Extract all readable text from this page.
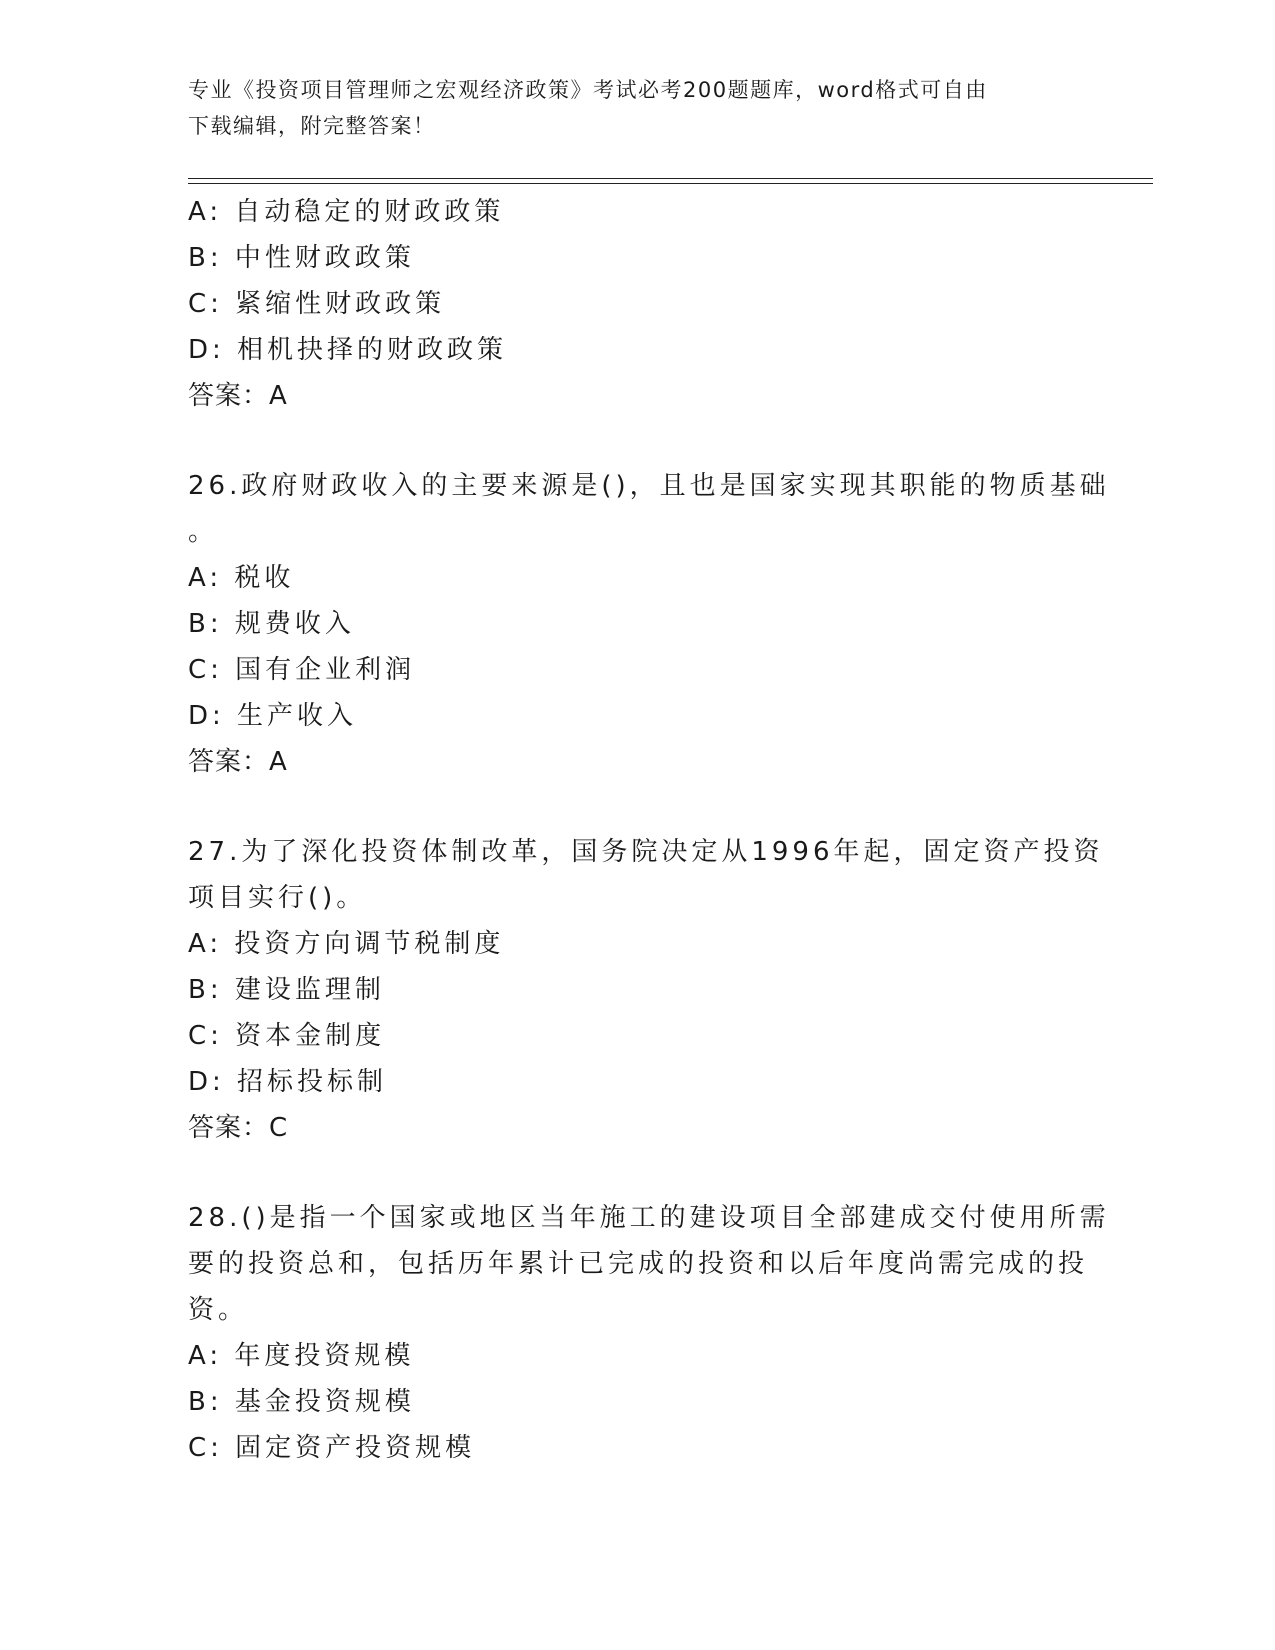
专业《投资项目管理师之宏观经济政策》考试必考200题题库，word格式可自由
下载编辑，附完整答案！
A: 自动稳定的财政政策
B: 中性财政政策
C: 紧缩性财政政策
D: 相机抉择的财政政策
答案：A
26.政府财政收入的主要来源是()，且也是国家实现其职能的物质基础
。
A: 税收
B: 规费收入
C: 国有企业利润
D: 生产收入
答案：A
27.为了深化投资体制改革，国务院决定从1996年起，固定资产投资
项目实行()。
A: 投资方向调节税制度
B: 建设监理制
C: 资本金制度
D: 招标投标制
答案：C
28.()是指一个国家或地区当年施工的建设项目全部建成交付使用所需
要的投资总和，包括历年累计已完成的投资和以后年度尚需完成的投
资。
A: 年度投资规模
B: 基金投资规模
C: 固定资产投资规模
